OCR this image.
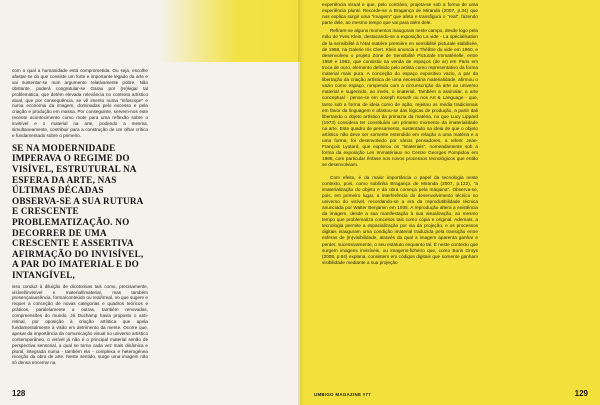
com o qual a humanidade está comprometida. Ou seja, escolhe afastar-se do que consiste um forte e importante legado da arte e vai sustentar-se num argumento relativamente pobre. Não obstante, poderá congratular-se Garau por (re)legar tal problemática, que detém elevada relevância no contexto artístico atual, que por consequência, se vê imerso numa "infoscope" e numa economia da imagem, dominadas pelo excesso e pela criação e produção em massa. Por conseguinte, servem-nos este recente acontecimento como mote para uma reflexão sobre o invisível e o material na arte, podendo a mesma, simultaneamente, contribuir para a construção de um olhar crítico e fundamentado sobre o primeiro.

SE NA MODERNIDADE IMPERAVA O REGIME DO VISÍVEL, ESTRUTURAL NA ESFERA DA ARTE, NAS ÚLTIMAS DÉCADAS OBSERVA-SE A SUA RUTURA E CRESCENTE PROBLEMATIZAÇÃO. NO DECORRER DE UMA CRESCENTE E ASSERTIVA AFIRMAÇÃO DO INVISÍVEL, A PAR DO IMATERIAL E DO INTANGÍVEL,

isso conduz à diluição de dicotomias tais como, precisamente, visível/invisível e material/imaterial, mas também presença/ausência, forma/conteúdo ou real/irreal, no que sugere e requer a conceção de novas categorias e quadros teóricos e práticos, paralelamente a outras, também renovadas, compreensões do mundo. Já Duchamp havia proposto o anti-retinal, por oposição à criação artística que apela fundamentalmente à visão em detrimento da mente. Ocorre que, apesar da importância da comunicação visual no universo artístico contemporâneo, o visível já não é o principal material senão de perspectiva sensorial, a qual se torna cada vez mais dinâmica e plural, integrada numa - também ela - complexa e heterogénea receção da obra de arte. Neste sentido, surge uma imagem não só densa encerrar na

128

experiência visual e que, pelo contrário, projeta-se sob a forma de uma experiência plural. Recorde-se a Bragança de Miranda (2007, p.34) que nos explica surgir uma "imagem" que afeta e transfigura o "real", fazendo parte dele, ao mesmo tempo que vai para além dele.

Refiram-se alguns momentos inaugurais neste campo, desde logo pela mão de Yves Klein, destacando-se a exposição La vide - La spécialisation de la sensibilité à l'état matière première en sensibilité picturale stabilisée, de 1958, na Galerie Iris Clert. Klein anuncia o Théâtre du vide em 1960, e desenvolveu o projeto Zone de Sensibilité Picturale Immatérielle, entre 1959 e 1962, que consistiu na venda de espaços (de ar) em Paris em troca de ouro, elemento definido pelo artista como representativo da forma material mais pura. A conceção do espaço expositivo vazio, a par da libertação da criação artística de uma necessária materialidade, afirmou o vazio como espaço, rompendo com a circunscrição da arte ao universo material e sugerindo, ao invés, o imaterial. Também a assinalar, a arte conceptual - pense-se em Joseph Kosuth ou nos Art & Language - que, tanto sob a forma de ideia como de ação, rejeitou os média tradicionais em favor da linguagem e afastou-se das lógicas de produção, a partir dali libertando o objeto artístico da primazia da matéria, no que Lucy Lippard (1973) considera ter constituído um primeiro momento da imaterialidade na arte. Este quadro de pensamento, sustentado na ideia de que o objeto artístico não deve ser somente entendido em relação a uma matéria e a uma forma, foi desenvolvido por vários pensadores, a referir Jean-François Lyotard, que explorou os "imateriais", nomeadamente sob a forma da exposição Les Immatériaux no Centre Georges Pompidou em 1985, com particular ênfase nos novos processos tecnológicos que então se desenvolviam.

Com efeito, é da maior importância o papel da tecnologia neste contexto, pois, como sublinha Bragança de Miranda (2007, p.122), "a imaterialização do objeto e da obra começa pela máquina". Observa-se, pois, em primeiro lugar, a interferência do desenvolvimento técnico no universo do visível, recordando-se a era da reprodutibilidade técnica anunciada por Walter Benjamin em 1935. A reprodução altera a existência da imagem, desde a sua manifestação à sua visualização, ao mesmo tempo que problematiza conceitos tais como cópia e original. Ademais, a tecnologia permite a espacialização por via da projeção, e os processos digitais inauguram uma condição imaterial traduzida pela transição entre esferas de (in)visibilidade, através da qual a imagem aparenta ganhar e perder, sucessivamente, o seu estatuto enquanto tal. É neste contexto que surgem imagens invisíveis, ou imagens-ficheiro que, como Boris Groys (2008, p.84) explana, consistem em códigos digitais que somente ganham visibilidade mediante a sua projeção

UMBIGO MAGAZINE #77	129
